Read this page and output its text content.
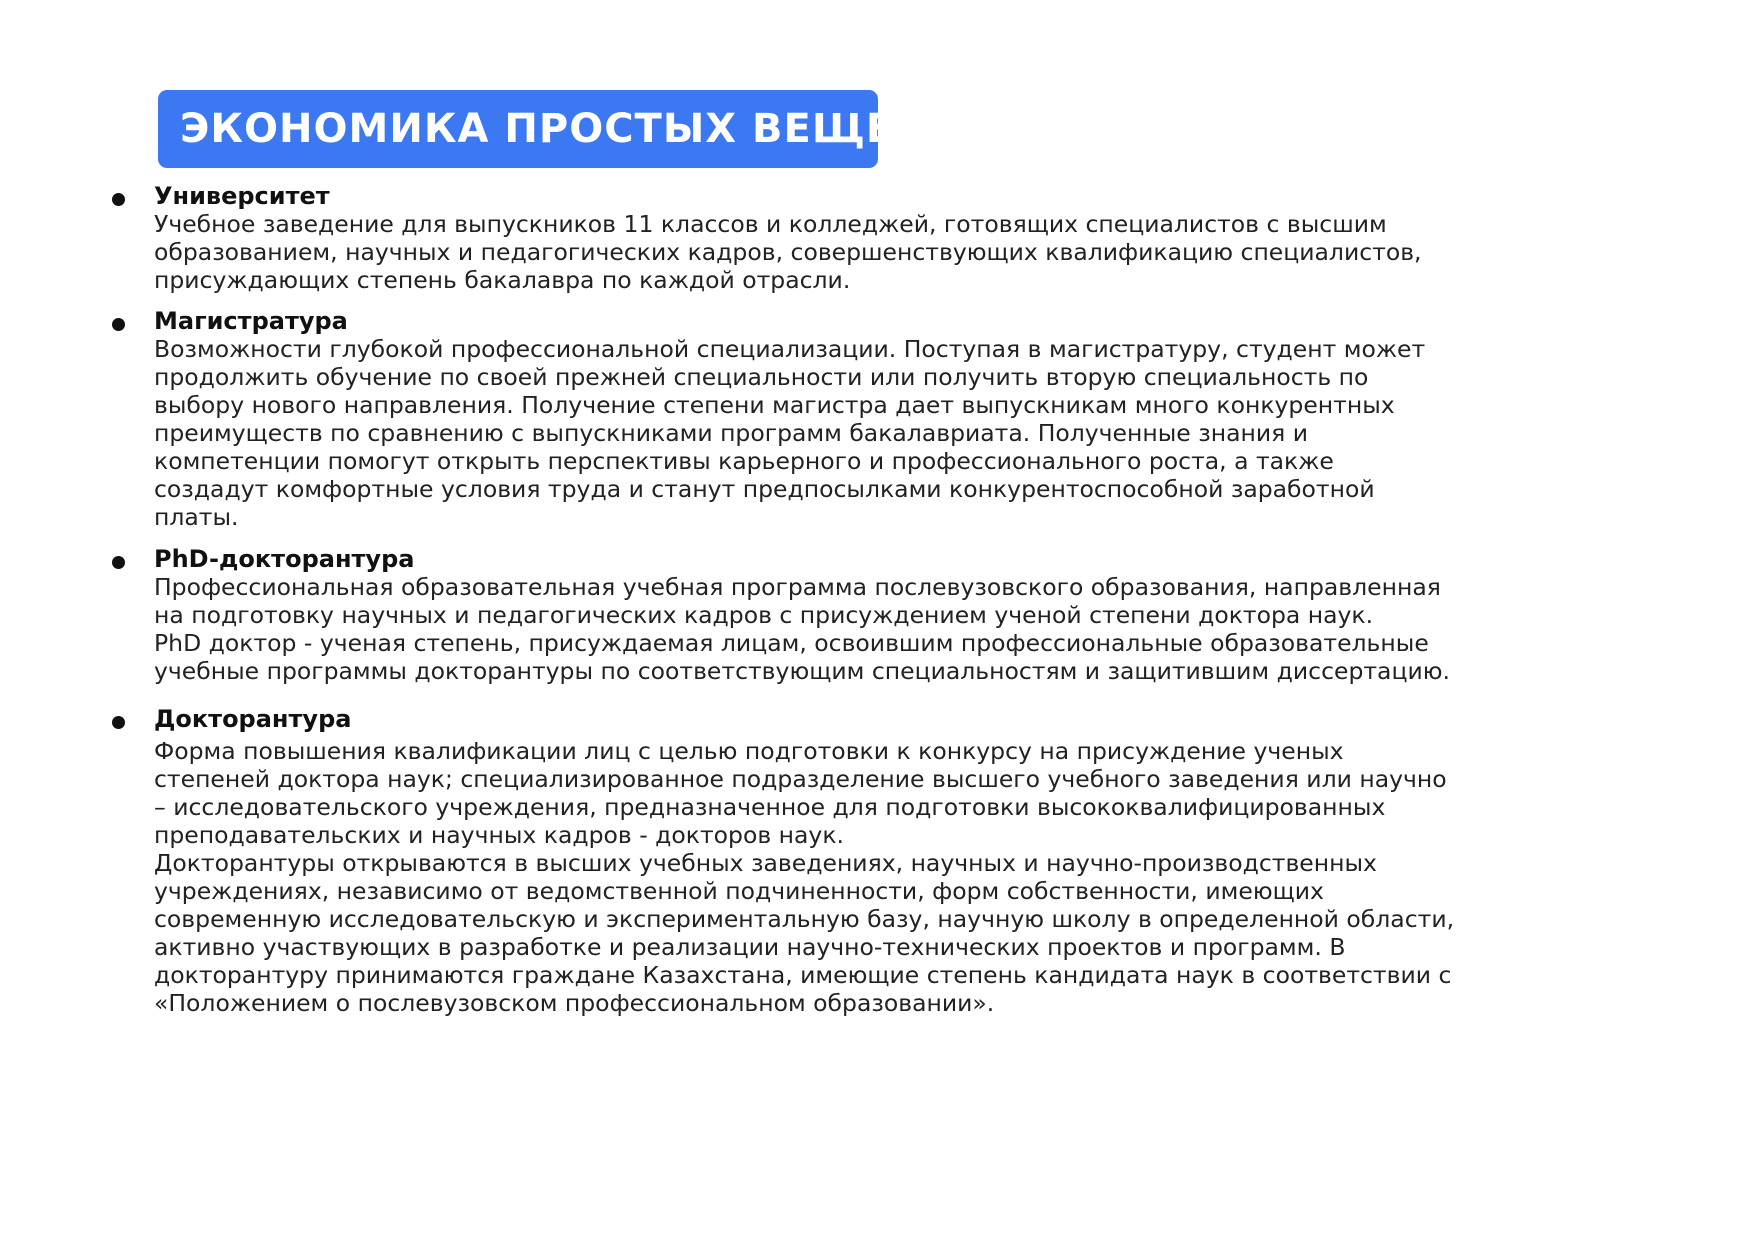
ЭКОНОМИКА ПРОСТЫХ ВЕЩЕЙ
Университет
Учебное заведение для выпускников 11 классов и колледжей, готовящих специалистов с высшим
образованием, научных и педагогических кадров, совершенствующих квалификацию специалистов,
присуждающих степень бакалавра по каждой отрасли.
Магистратура
Возможности глубокой профессиональной специализации. Поступая в магистратуру, студент может
продолжить обучение по своей прежней специальности или получить вторую специальность по
выбору нового направления. Получение степени магистра дает выпускникам много конкурентных
преимуществ по сравнению с выпускниками программ бакалавриата. Полученные знания и
компетенции помогут открыть перспективы карьерного и профессионального роста, а также
создадут комфортные условия труда и станут предпосылками конкурентоспособной заработной
платы.
PhD-докторантура
Профессиональная образовательная учебная программа послевузовского образования, направленная
на подготовку научных и педагогических кадров с присуждением ученой степени доктора наук.
PhD доктор - ученая степень, присуждаемая лицам, освоившим профессиональные образовательные
учебные программы докторантуры по соответствующим специальностям и защитившим диссертацию.
Докторантура
Форма повышения квалификации лиц с целью подготовки к конкурсу на присуждение ученых
степеней доктора наук; специализированное подразделение высшего учебного заведения или научно
– исследовательского учреждения, предназначенное для подготовки высококвалифицированных
преподавательских и научных кадров - докторов наук.
Докторантуры открываются в высших учебных заведениях, научных и научно-производственных
учреждениях, независимо от ведомственной подчиненности, форм собственности, имеющих
современную исследовательскую и экспериментальную базу, научную школу в определенной области,
активно участвующих в разработке и реализации научно-технических проектов и программ. В
докторантуру принимаются граждане Казахстана, имеющие степень кандидата наук в соответствии с
«Положением о послевузовском профессиональном образовании».
